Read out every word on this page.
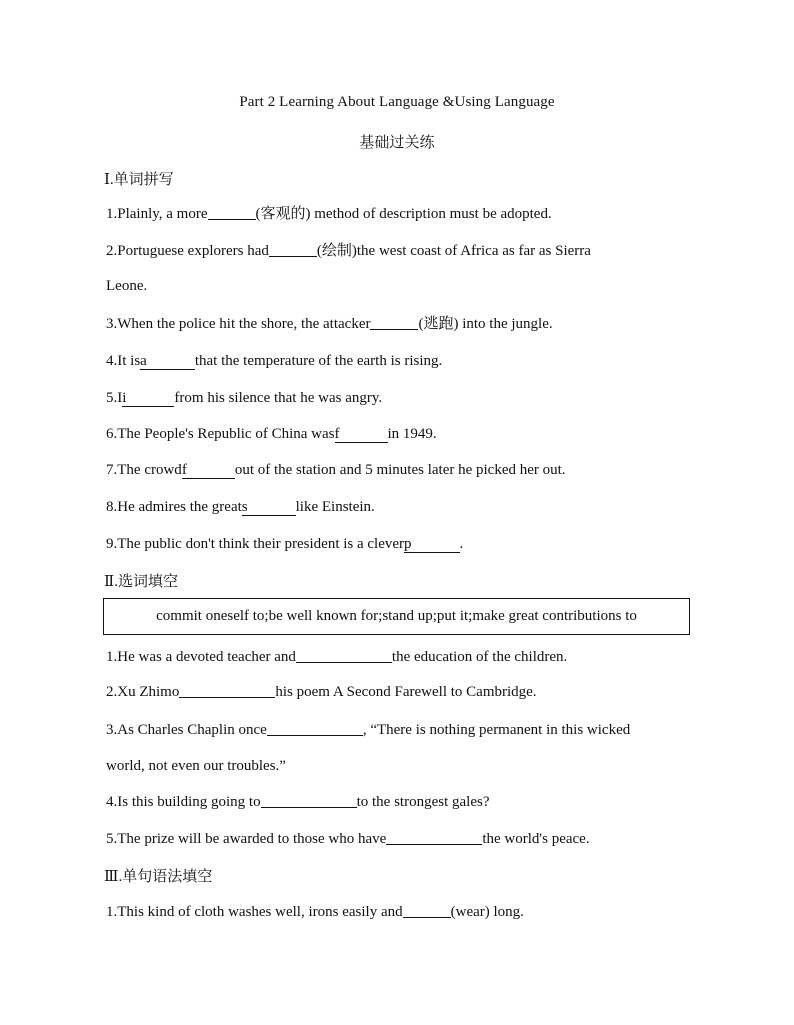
Part 2 Learning About Language &Using Language
基础过关练
Ⅰ.单词拼写
1.Plainly, a more	(客观的) method of description must be adopted.
2.Portuguese explorers had	(绘制)the west coast of Africa as far as Sierra
Leone.
3.When the police hit the shore, the attacker	(逃跑) into the jungle.
4.It isa	that the temperature of the earth is rising.
5.Ii	from his silence that he was angry.
6.The People's Republic of China wasf	in 1949.
7.The crowdf	out of the station and 5 minutes later he picked her out.
8.He admires the greats	like Einstein.
9.The public don't think their president is a cleverp	.
Ⅱ.选词填空
commit oneself to;be well known for;stand up;put it;make great contributions to
1.He was a devoted teacher and	the education of the children.
2.Xu Zhimo	his poem A Second Farewell to Cambridge.
3.As Charles Chaplin once	, “There is nothing permanent in this wicked
world, not even our troubles.”
4.Is this building going to	to the strongest gales?
5.The prize will be awarded to those who have	the world's peace.
Ⅲ.单句语法填空
1.This kind of cloth washes well, irons easily and	(wear) long.
